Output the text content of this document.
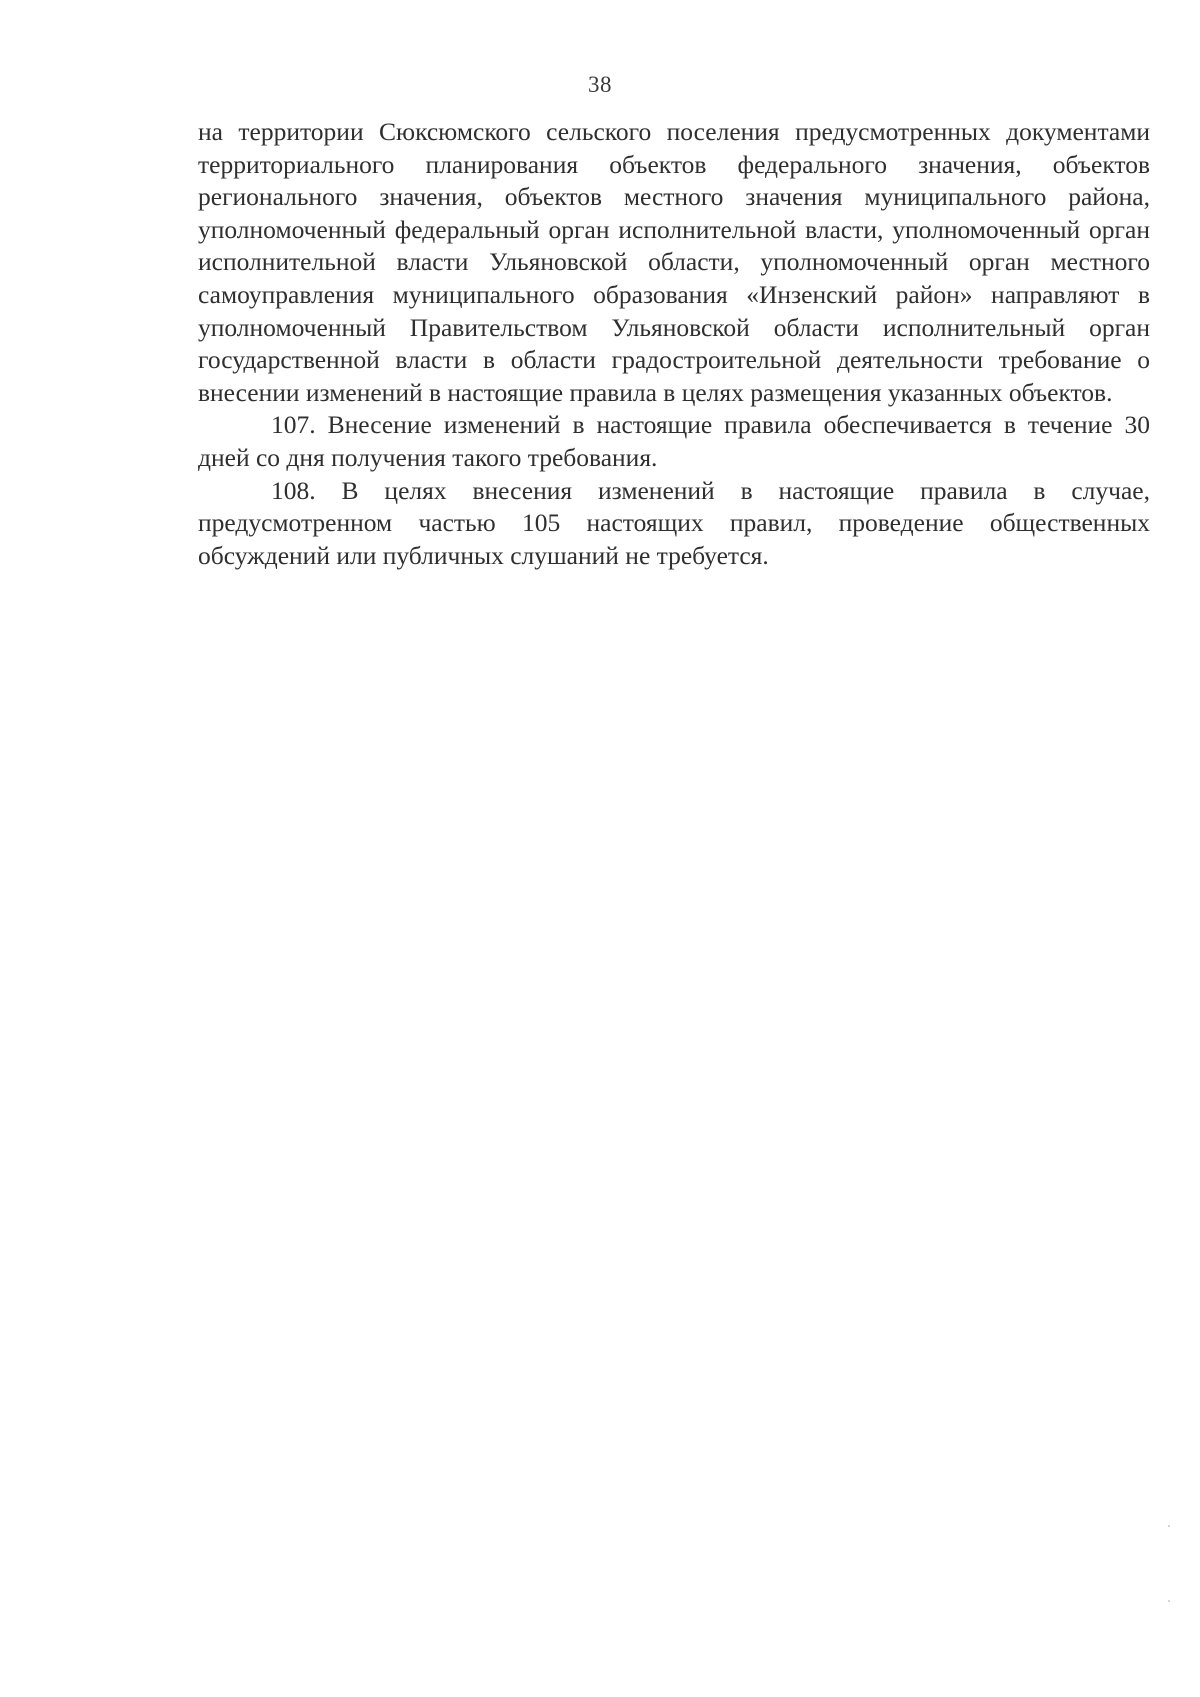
38

на территории Сюксюмского сельского поселения предусмотренных документами территориального планирования объектов федерального значения, объектов регионального значения, объектов местного значения муниципального района, уполномоченный федеральный орган исполнительной власти, уполномоченный орган исполнительной власти Ульяновской области, уполномоченный орган местного самоуправления муниципального образования «Инзенский район» направляют в уполномоченный Правительством Ульяновской области исполнительный орган государственной власти в области градостроительной деятельности требование о внесении изменений в настоящие правила в целях размещения указанных объектов.

107. Внесение изменений в настоящие правила обеспечивается в течение 30 дней со дня получения такого требования.

108. В целях внесения изменений в настоящие правила в случае, предусмотренном частью 105 настоящих правил, проведение общественных обсуждений или публичных слушаний не требуется.
